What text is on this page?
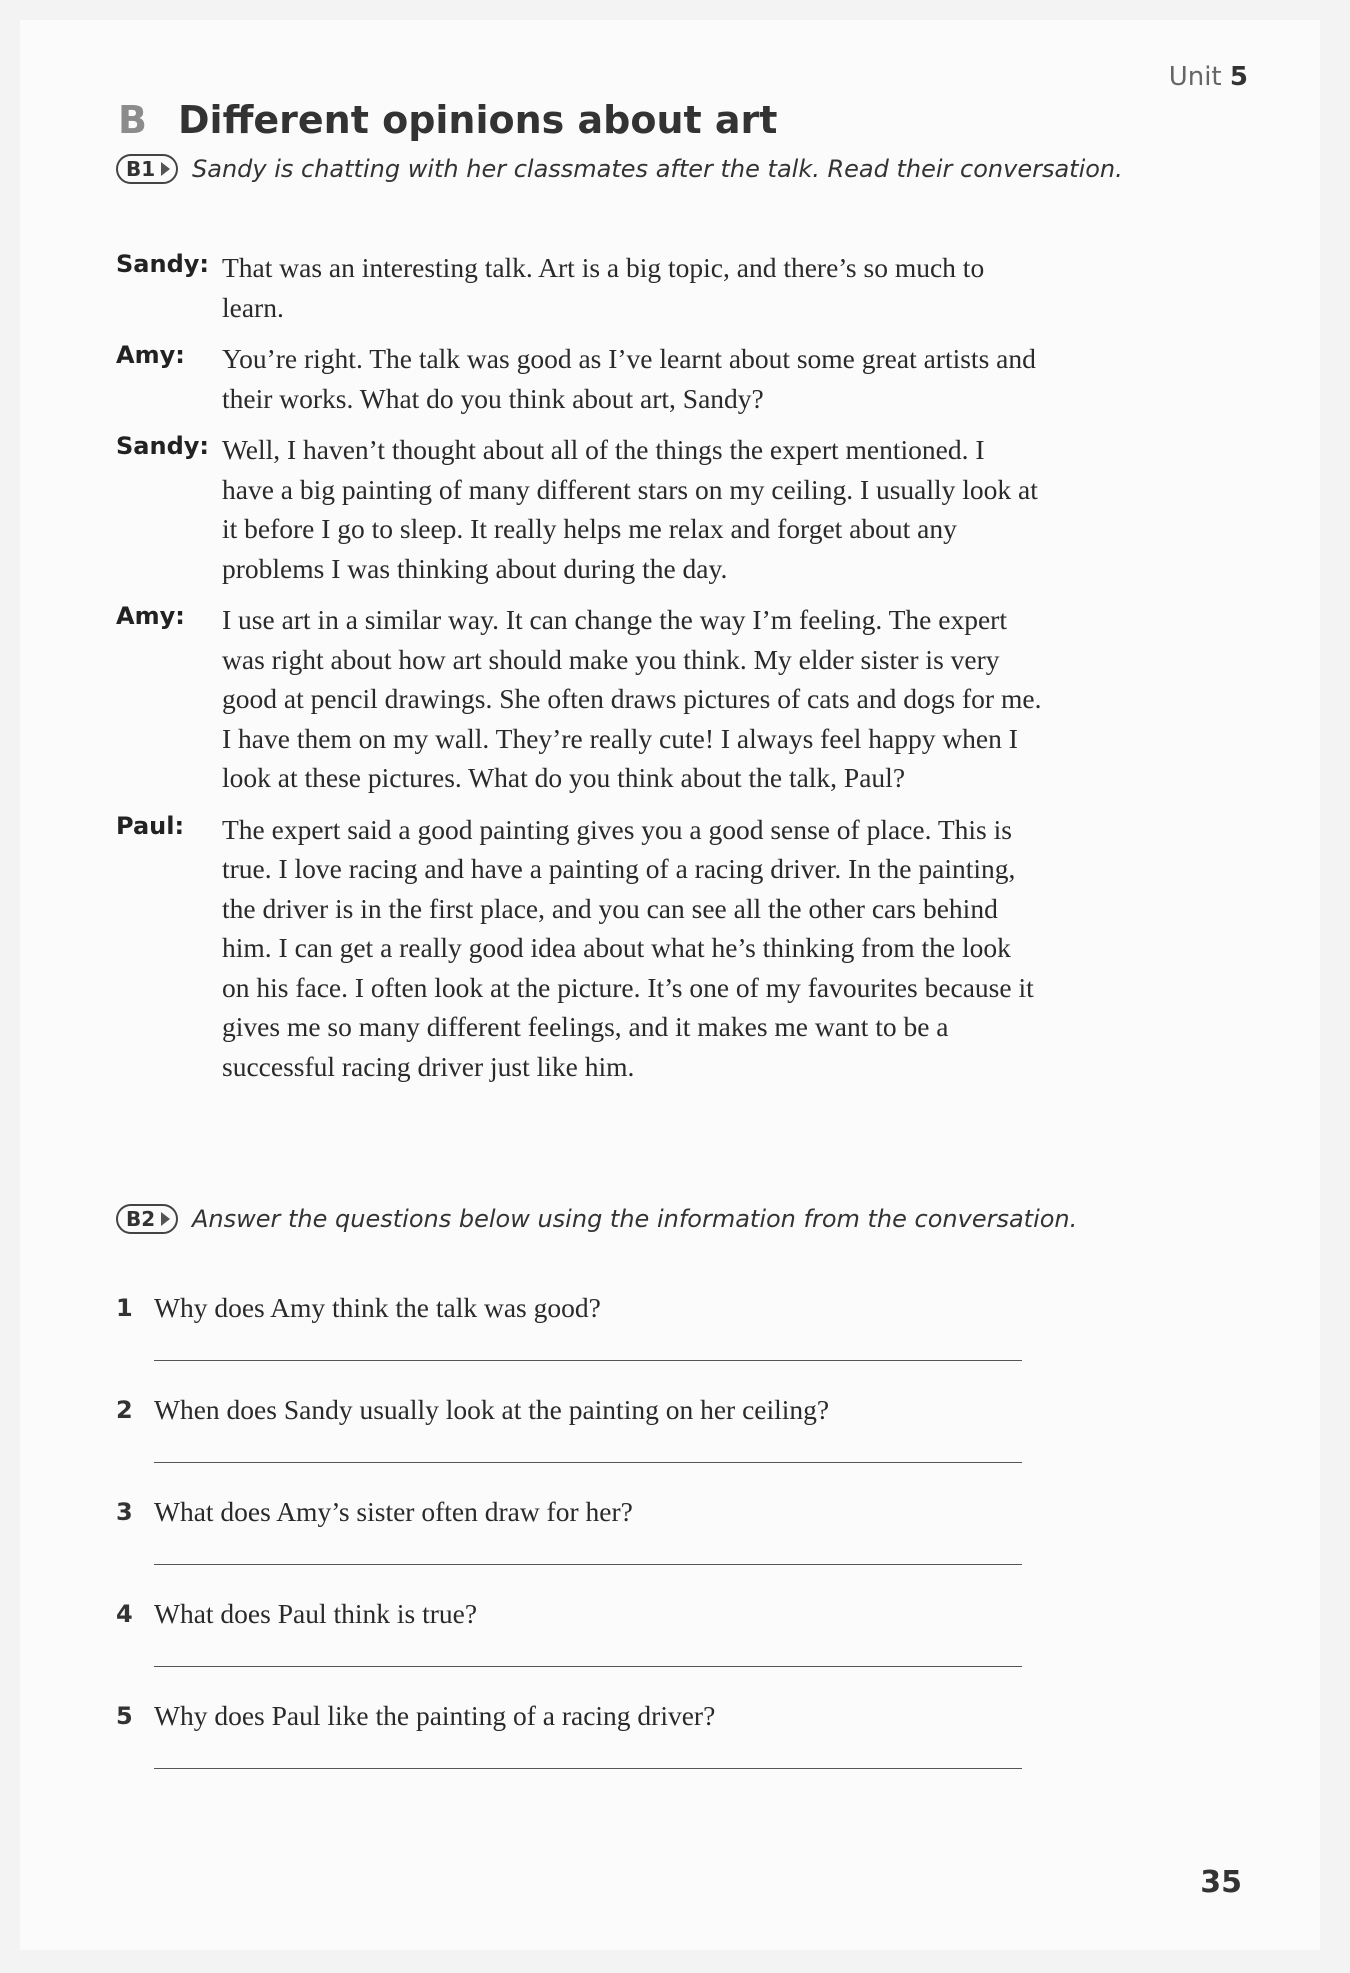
Unit 5
B Different opinions about art
B1 Sandy is chatting with her classmates after the talk. Read their conversation.
Sandy: That was an interesting talk. Art is a big topic, and there’s so much to learn.
Amy: You’re right. The talk was good as I’ve learnt about some great artists and their works. What do you think about art, Sandy?
Sandy: Well, I haven’t thought about all of the things the expert mentioned. I have a big painting of many different stars on my ceiling. I usually look at it before I go to sleep. It really helps me relax and forget about any problems I was thinking about during the day.
Amy: I use art in a similar way. It can change the way I’m feeling. The expert was right about how art should make you think. My elder sister is very good at pencil drawings. She often draws pictures of cats and dogs for me. I have them on my wall. They’re really cute! I always feel happy when I look at these pictures. What do you think about the talk, Paul?
Paul: The expert said a good painting gives you a good sense of place. This is true. I love racing and have a painting of a racing driver. In the painting, the driver is in the first place, and you can see all the other cars behind him. I can get a really good idea about what he’s thinking from the look on his face. I often look at the picture. It’s one of my favourites because it gives me so many different feelings, and it makes me want to be a successful racing driver just like him.
B2 Answer the questions below using the information from the conversation.
1 Why does Amy think the talk was good?
2 When does Sandy usually look at the painting on her ceiling?
3 What does Amy’s sister often draw for her?
4 What does Paul think is true?
5 Why does Paul like the painting of a racing driver?
35
